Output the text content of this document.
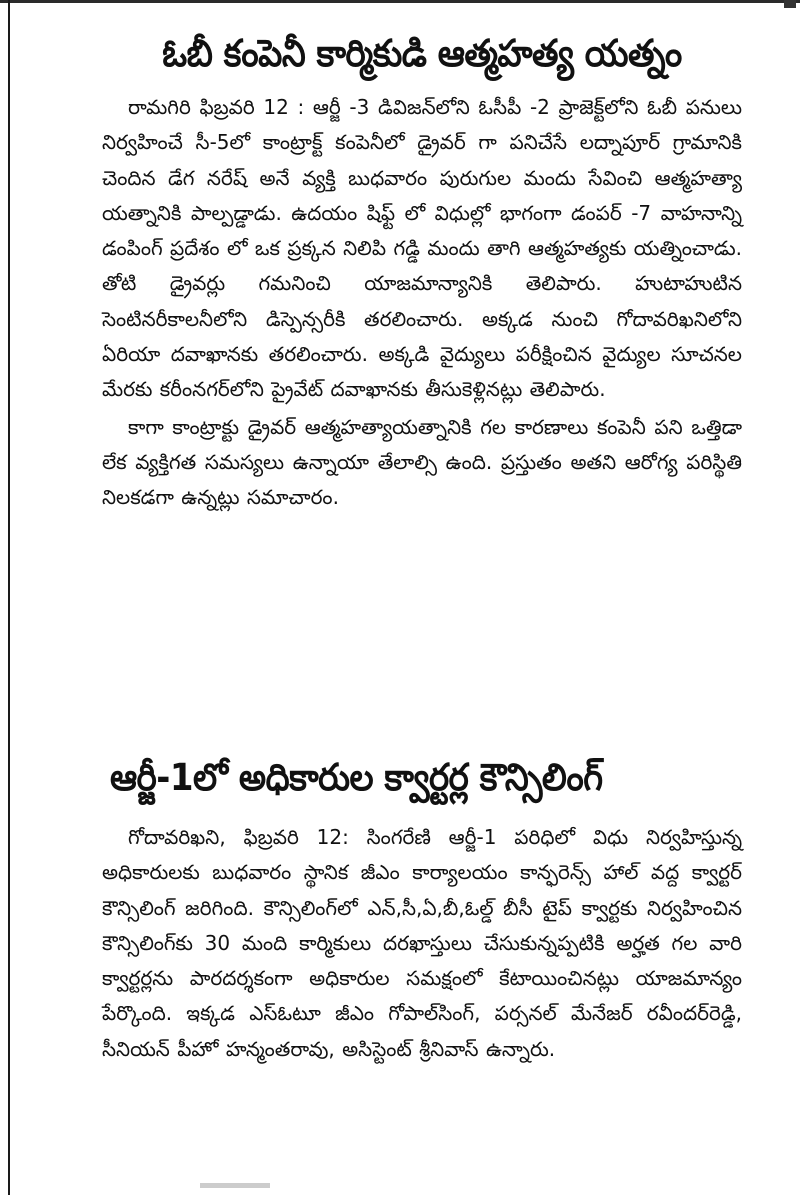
ఓబీ కంపెనీ కార్మికుడి ఆత్మహత్య యత్నం

రామగిరి ఫిబ్రవరి 12 : ఆర్జీ -3 డివిజన్‌లోని ఓసీపీ -2 ప్రాజెక్ట్‌లోని ఓబీ పనులు నిర్వహించే సీ-5లో కాంట్రాక్ట్ కంపెనీలో డ్రైవర్ గా పనిచేసే లద్నాపూర్ గ్రామానికి చెందిన డేగ నరేష్ అనే వ్యక్తి బుధవారం పురుగుల మందు సేవించి ఆత్మహత్యా యత్నానికి పాల్పడ్డాడు. ఉదయం షిఫ్ట్ లో విధుల్లో భాగంగా డంపర్ -7 వాహనాన్ని డంపింగ్ ప్రదేశం లో ఒక ప్రక్కన నిలిపి గడ్డి మందు తాగి ఆత్మహత్యకు యత్నించాడు. తోటి డ్రైవర్లు గమనించి యాజమాన్యానికి తెలిపారు. హుటాహుటిన సెంటినరీకాలనీలోని డిస్పెన్సరీకి తరలించారు. అక్కడ నుంచి గోదావరిఖనిలోని ఏరియా దవాఖానకు తరలించారు. అక్కడి వైద్యులు పరీక్షించిన వైద్యుల సూచనల మేరకు కరీంనగర్‌లోని ప్రైవేట్ దవాఖానకు తీసుకెళ్లినట్లు తెలిపారు.

కాగా కాంట్రాక్టు డ్రైవర్ ఆత్మహత్యాయత్నానికి గల కారణాలు కంపెనీ పని ఒత్తిడా లేక వ్యక్తిగత సమస్యలు ఉన్నాయా తేలాల్సి ఉంది. ప్రస్తుతం అతని ఆరోగ్య పరిస్థితి నిలకడగా ఉన్నట్లు సమాచారం.

ఆర్జీ-1లో అధికారుల క్వార్టర్ల కౌన్సిలింగ్

గోదావరిఖని, ఫిబ్రవరి 12: సింగరేణి ఆర్జీ-1 పరిధిలో విధు నిర్వహిస్తున్న అధికారులకు బుధవారం స్థానిక జీఎం కార్యాలయం కాన్ఫరెన్స్ హాల్ వద్ద క్వార్టర్ కౌన్సిలింగ్ జరిగింది. కౌన్సిలింగ్‌లో ఎన్,సీ,ఏ,బీ,ఓల్డ్ బీసీ టైప్ క్వార్టకు నిర్వహించిన కౌన్సిలింగ్‌కు 30 మంది కార్మికులు దరఖాస్తులు చేసుకున్నప్పటికి అర్హత గల వారి క్వార్టర్లను పారదర్శకంగా అధికారుల సమక్షంలో కేటాయించినట్లు యాజమాన్యం పేర్కొంది. ఇక్కడ ఎస్ఓటూ జీఎం గోపాల్‌సింగ్, పర్సనల్ మేనేజర్ రవీందర్‌రెడ్డి, సీనియన్ పీహో హన్మంతరావు, అసిస్టెంట్ శ్రీనివాస్ ఉన్నారు.
